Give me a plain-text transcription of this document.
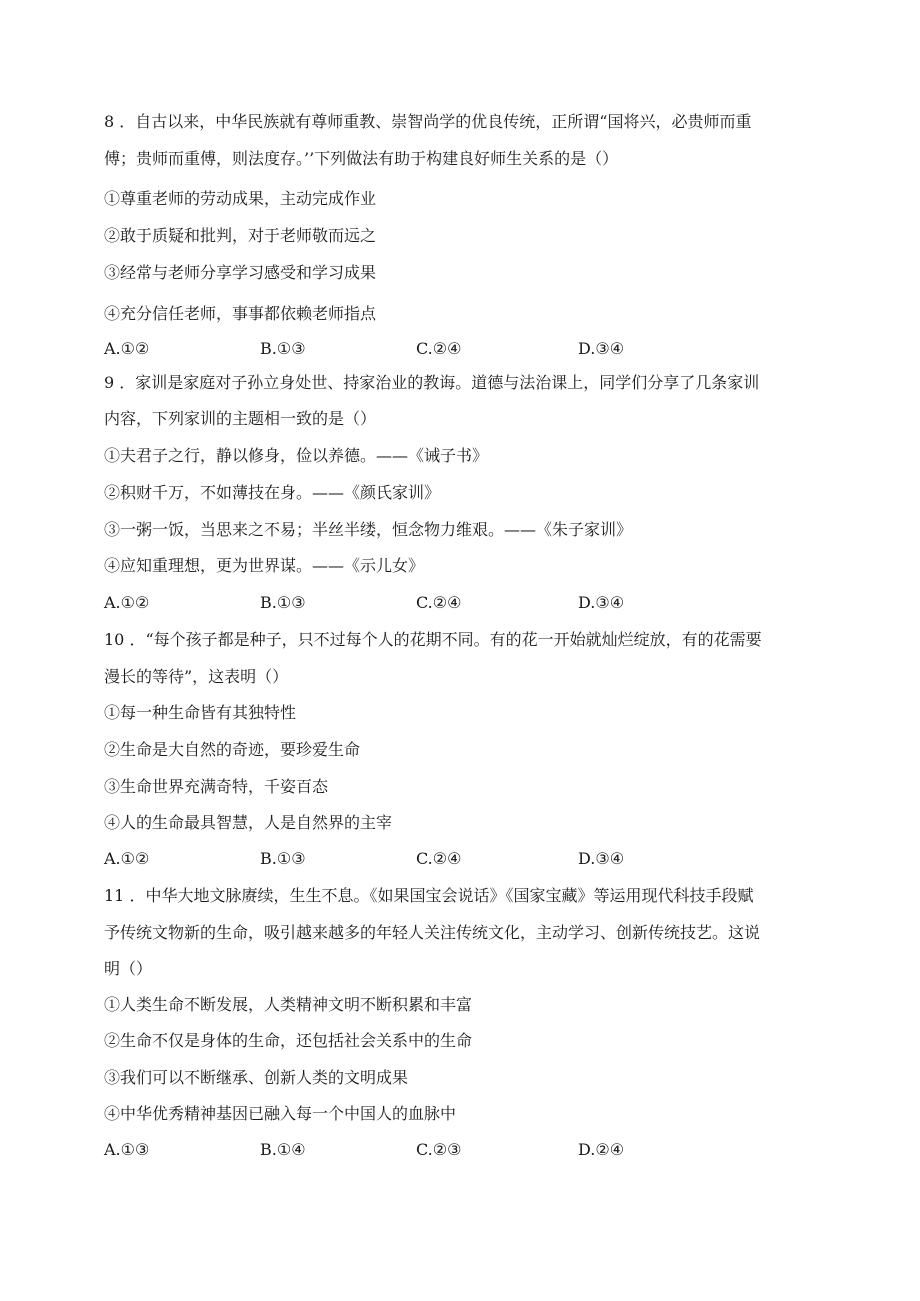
8 ．自古以来，中华民族就有尊师重教、崇智尚学的优良传统，正所谓“国将兴，必贵师而重
傅；贵师而重傅，则法度存。’’下列做法有助于构建良好师生关系的是（）
①尊重老师的劳动成果，主动完成作业
②敢于质疑和批判，对于老师敬而远之
③经常与老师分享学习感受和学习成果
④充分信任老师，事事都依赖老师指点
A.①②	B.①③	C.②④	D.③④
9 ．家训是家庭对子孙立身处世、持家治业的教诲。道德与法治课上，同学们分享了几条家训
内容，下列家训的主题相一致的是（）
①夫君子之行，静以修身，俭以养德。——《诫子书》
②积财千万，不如薄技在身。——《颜氏家训》
③一粥一饭，当思来之不易；半丝半缕，恒念物力维艰。——《朱子家训》
④应知重理想，更为世界谋。——《示儿女》
A.①②	B.①③	C.②④	D.③④
10 ．“每个孩子都是种子，只不过每个人的花期不同。有的花一开始就灿烂绽放，有的花需要
漫长的等待”，这表明（）
①每一种生命皆有其独特性
②生命是大自然的奇迹，要珍爱生命
③生命世界充满奇特，千姿百态
④人的生命最具智慧，人是自然界的主宰
A.①②	B.①③	C.②④	D.③④
11 ．中华大地文脉赓续，生生不息。《如果国宝会说话》《国家宝藏》等运用现代科技手段赋
予传统文物新的生命，吸引越来越多的年轻人关注传统文化，主动学习、创新传统技艺。这说
明（）
①人类生命不断发展，人类精神文明不断积累和丰富
②生命不仅是身体的生命，还包括社会关系中的生命
③我们可以不断继承、创新人类的文明成果
④中华优秀精神基因已融入每一个中国人的血脉中
A.①③	B.①④	C.②③	D.②④
